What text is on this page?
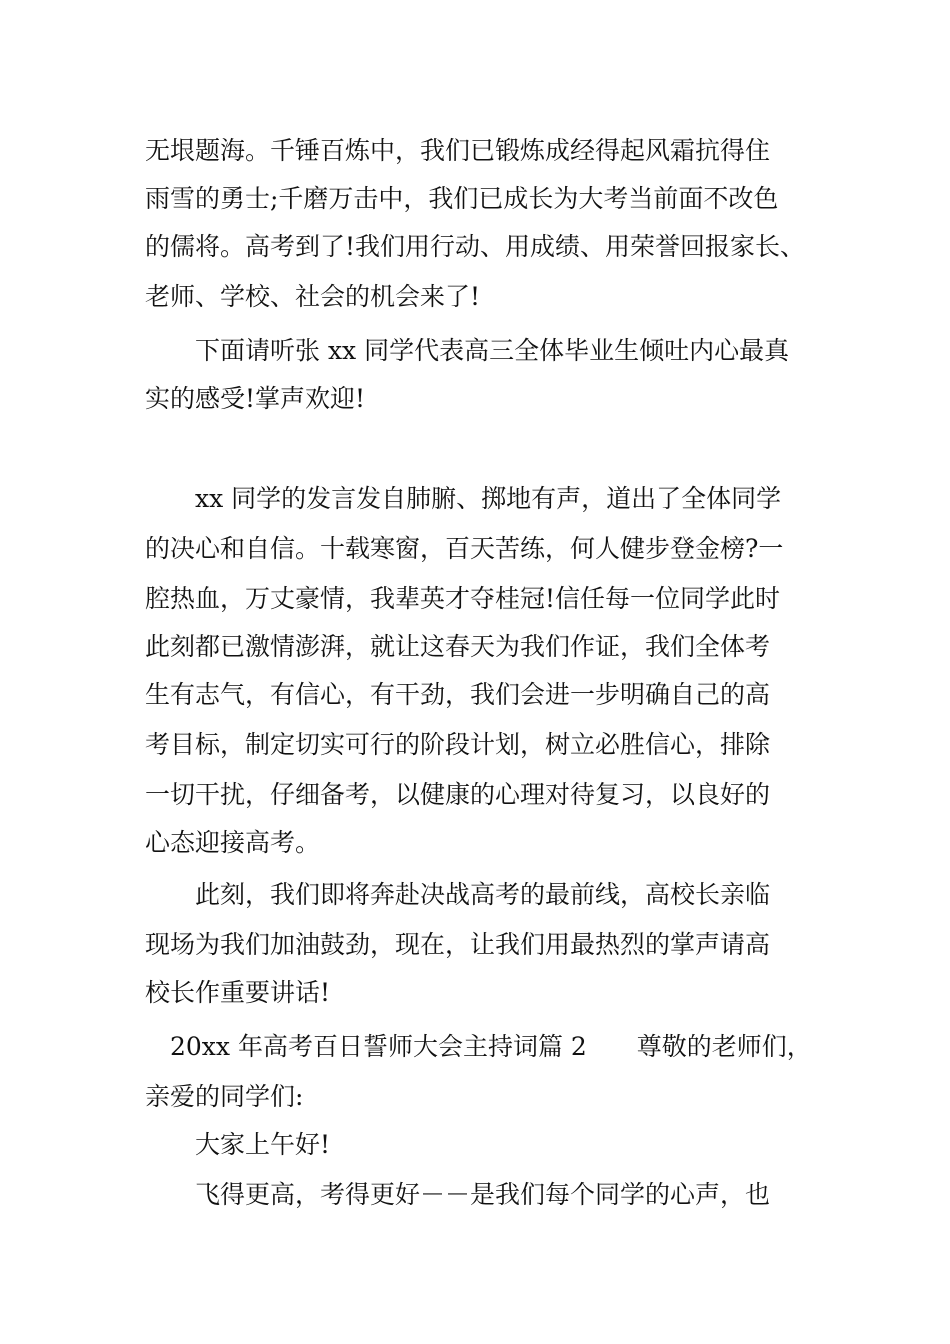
无垠题海。千锤百炼中，我们已锻炼成经得起风霜抗得住
雨雪的勇士;千磨万击中，我们已成长为大考当前面不改色
的儒将。高考到了!我们用行动、用成绩、用荣誉回报家长、
老师、学校、社会的机会来了!
下面请听张 xx 同学代表高三全体毕业生倾吐内心最真
实的感受!掌声欢迎!
xx 同学的发言发自肺腑、掷地有声，道出了全体同学
的决心和自信。十载寒窗，百天苦练，何人健步登金榜?一
腔热血，万丈豪情，我辈英才夺桂冠!信任每一位同学此时
此刻都已激情澎湃，就让这春天为我们作证，我们全体考
生有志气，有信心，有干劲，我们会进一步明确自己的高
考目标，制定切实可行的阶段计划，树立必胜信心，排除
一切干扰，仔细备考，以健康的心理对待复习，以良好的
心态迎接高考。
此刻，我们即将奔赴决战高考的最前线，高校长亲临
现场为我们加油鼓劲，现在，让我们用最热烈的掌声请高
校长作重要讲话!
20xx 年高考百日誓师大会主持词篇 2　　尊敬的老师们，
亲爱的同学们:
大家上午好!
飞得更高，考得更好－－是我们每个同学的心声，也
